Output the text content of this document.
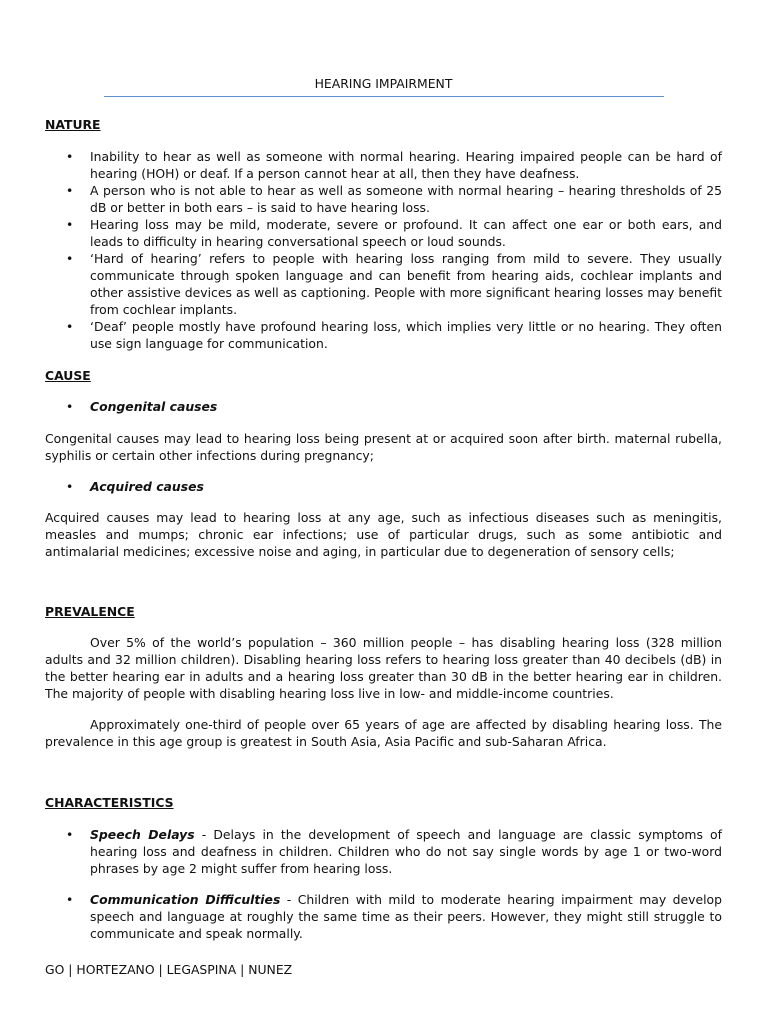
HEARING IMPAIRMENT
NATURE
• Inability to hear as well as someone with normal hearing. Hearing impaired people can be hard of hearing (HOH) or deaf. If a person cannot hear at all, then they have deafness.
• A person who is not able to hear as well as someone with normal hearing – hearing thresholds of 25 dB or better in both ears – is said to have hearing loss.
• Hearing loss may be mild, moderate, severe or profound. It can affect one ear or both ears, and leads to difficulty in hearing conversational speech or loud sounds.
• ‘Hard of hearing’ refers to people with hearing loss ranging from mild to severe. They usually communicate through spoken language and can benefit from hearing aids, cochlear implants and other assistive devices as well as captioning. People with more significant hearing losses may benefit from cochlear implants.
• ‘Deaf’ people mostly have profound hearing loss, which implies very little or no hearing. They often use sign language for communication.
CAUSE
• Congenital causes
Congenital causes may lead to hearing loss being present at or acquired soon after birth. maternal rubella, syphilis or certain other infections during pregnancy;
• Acquired causes
Acquired causes may lead to hearing loss at any age, such as infectious diseases such as meningitis, measles and mumps; chronic ear infections; use of particular drugs, such as some antibiotic and antimalarial medicines; excessive noise and aging, in particular due to degeneration of sensory cells;
PREVALENCE
Over 5% of the world’s population – 360 million people – has disabling hearing loss (328 million adults and 32 million children). Disabling hearing loss refers to hearing loss greater than 40 decibels (dB) in the better hearing ear in adults and a hearing loss greater than 30 dB in the better hearing ear in children. The majority of people with disabling hearing loss live in low- and middle-income countries.
Approximately one-third of people over 65 years of age are affected by disabling hearing loss. The prevalence in this age group is greatest in South Asia, Asia Pacific and sub-Saharan Africa.
CHARACTERISTICS
• Speech Delays - Delays in the development of speech and language are classic symptoms of hearing loss and deafness in children. Children who do not say single words by age 1 or two-word phrases by age 2 might suffer from hearing loss.
• Communication Difficulties - Children with mild to moderate hearing impairment may develop speech and language at roughly the same time as their peers. However, they might still struggle to communicate and speak normally.
GO | HORTEZANO | LEGASPINA | NUNEZ
